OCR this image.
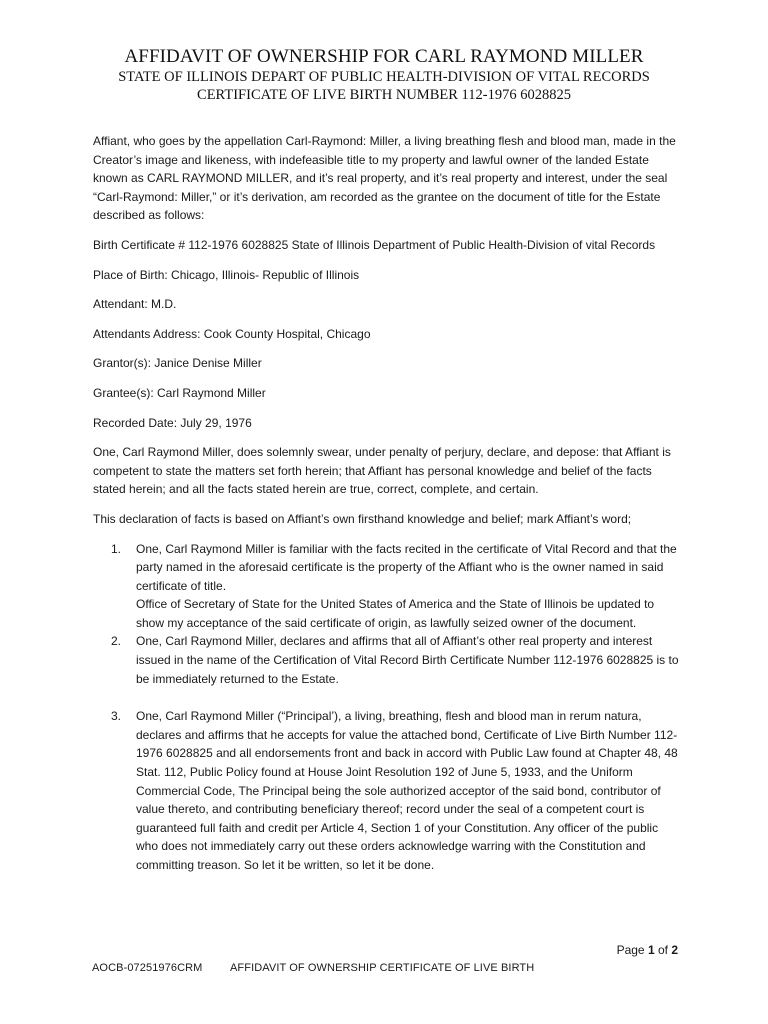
AFFIDAVIT OF OWNERSHIP FOR CARL RAYMOND MILLER
STATE OF ILLINOIS DEPART OF PUBLIC HEALTH-DIVISION OF VITAL RECORDS
CERTIFICATE OF LIVE BIRTH NUMBER 112-1976 6028825

Affiant, who goes by the appellation Carl-Raymond: Miller, a living breathing flesh and blood man, made in the Creator’s image and likeness, with indefeasible title to my property and lawful owner of the landed Estate known as CARL RAYMOND MILLER, and it’s real property, and it’s real property and interest, under the seal “Carl-Raymond: Miller,” or it’s derivation, am recorded as the grantee on the document of title for the Estate described as follows:

Birth Certificate # 112-1976 6028825 State of Illinois Department of Public Health-Division of vital Records

Place of Birth: Chicago, Illinois- Republic of Illinois

Attendant: M.D.

Attendants Address: Cook County Hospital, Chicago

Grantor(s): Janice Denise Miller

Grantee(s): Carl Raymond Miller

Recorded Date: July 29, 1976

One, Carl Raymond Miller, does solemnly swear, under penalty of perjury, declare, and depose: that Affiant is competent to state the matters set forth herein; that Affiant has personal knowledge and belief of the facts stated herein; and all the facts stated herein are true, correct, complete, and certain.

This declaration of facts is based on Affiant’s own firsthand knowledge and belief; mark Affiant’s word;

1. One, Carl Raymond Miller is familiar with the facts recited in the certificate of Vital Record and that the party named in the aforesaid certificate is the property of the Affiant who is the owner named in said certificate of title.
Office of Secretary of State for the United States of America and the State of Illinois be updated to show my acceptance of the said certificate of origin, as lawfully seized owner of the document.
2. One, Carl Raymond Miller, declares and affirms that all of Affiant’s other real property and interest issued in the name of the Certification of Vital Record Birth Certificate Number 112-1976 6028825 is to be immediately returned to the Estate.
3. One, Carl Raymond Miller (“Principal’), a living, breathing, flesh and blood man in rerum natura, declares and affirms that he accepts for value the attached bond, Certificate of Live Birth Number 112-1976 6028825 and all endorsements front and back in accord with Public Law found at Chapter 48, 48 Stat. 112, Public Policy found at House Joint Resolution 192 of June 5, 1933, and the Uniform Commercial Code, The Principal being the sole authorized acceptor of the said bond, contributor of value thereto, and contributing beneficiary thereof; record under the seal of a competent court is guaranteed full faith and credit per Article 4, Section 1 of your Constitution. Any officer of the public who does not immediately carry out these orders acknowledge warring with the Constitution and committing treason. So let it be written, so let it be done.
Page 1 of 2
AOCB-07251976CRM	AFFIDAVIT OF OWNERSHIP CERTIFICATE OF LIVE BIRTH
